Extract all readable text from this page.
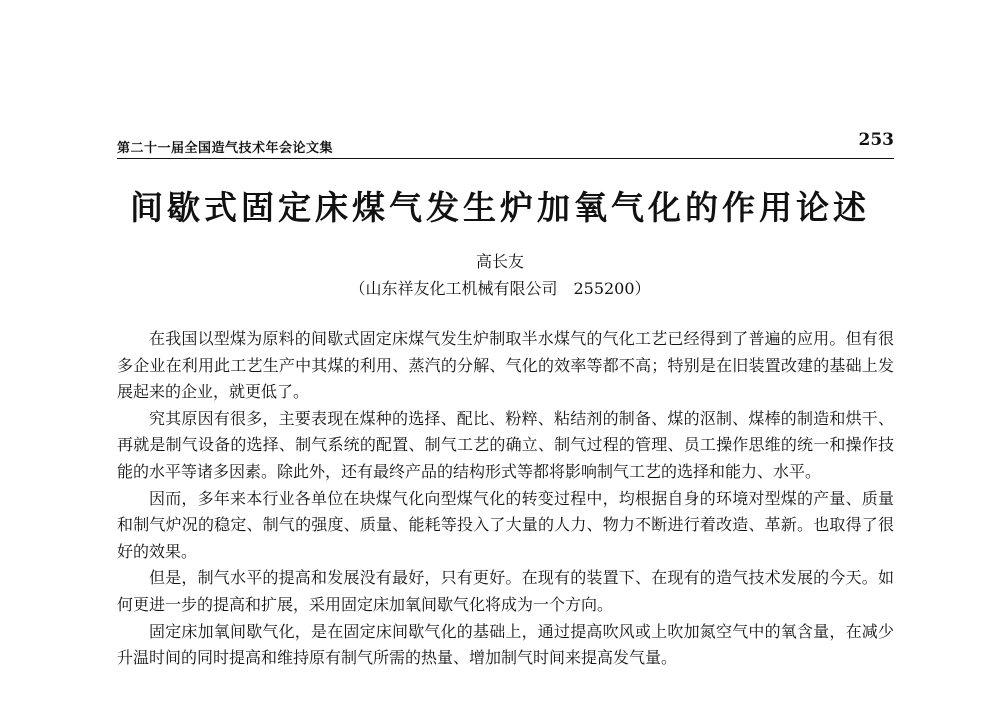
第二十一届全国造气技术年会论文集	253
间歇式固定床煤气发生炉加氧气化的作用论述
高长友
（山东祥友化工机械有限公司　255200）

在我国以型煤为原料的间歇式固定床煤气发生炉制取半水煤气的气化工艺已经得到了普遍的应用。但有很多企业在利用此工艺生产中其煤的利用、蒸汽的分解、气化的效率等都不高；特别是在旧装置改建的基础上发展起来的企业，就更低了。

究其原因有很多，主要表现在煤种的选择、配比、粉粹、粘结剂的制备、煤的沤制、煤棒的制造和烘干、再就是制气设备的选择、制气系统的配置、制气工艺的确立、制气过程的管理、员工操作思维的统一和操作技能的水平等诸多因素。除此外，还有最终产品的结构形式等都将影响制气工艺的选择和能力、水平。

因而，多年来本行业各单位在块煤气化向型煤气化的转变过程中，均根据自身的环境对型煤的产量、质量和制气炉况的稳定、制气的强度、质量、能耗等投入了大量的人力、物力不断进行着改造、革新。也取得了很好的效果。

但是，制气水平的提高和发展没有最好，只有更好。在现有的装置下、在现有的造气技术发展的今天。如何更进一步的提高和扩展，采用固定床加氧间歇气化将成为一个方向。

固定床加氧间歇气化，是在固定床间歇气化的基础上，通过提高吹风或上吹加氮空气中的氧含量，在减少升温时间的同时提高和维持原有制气所需的热量、增加制气时间来提高发气量。
